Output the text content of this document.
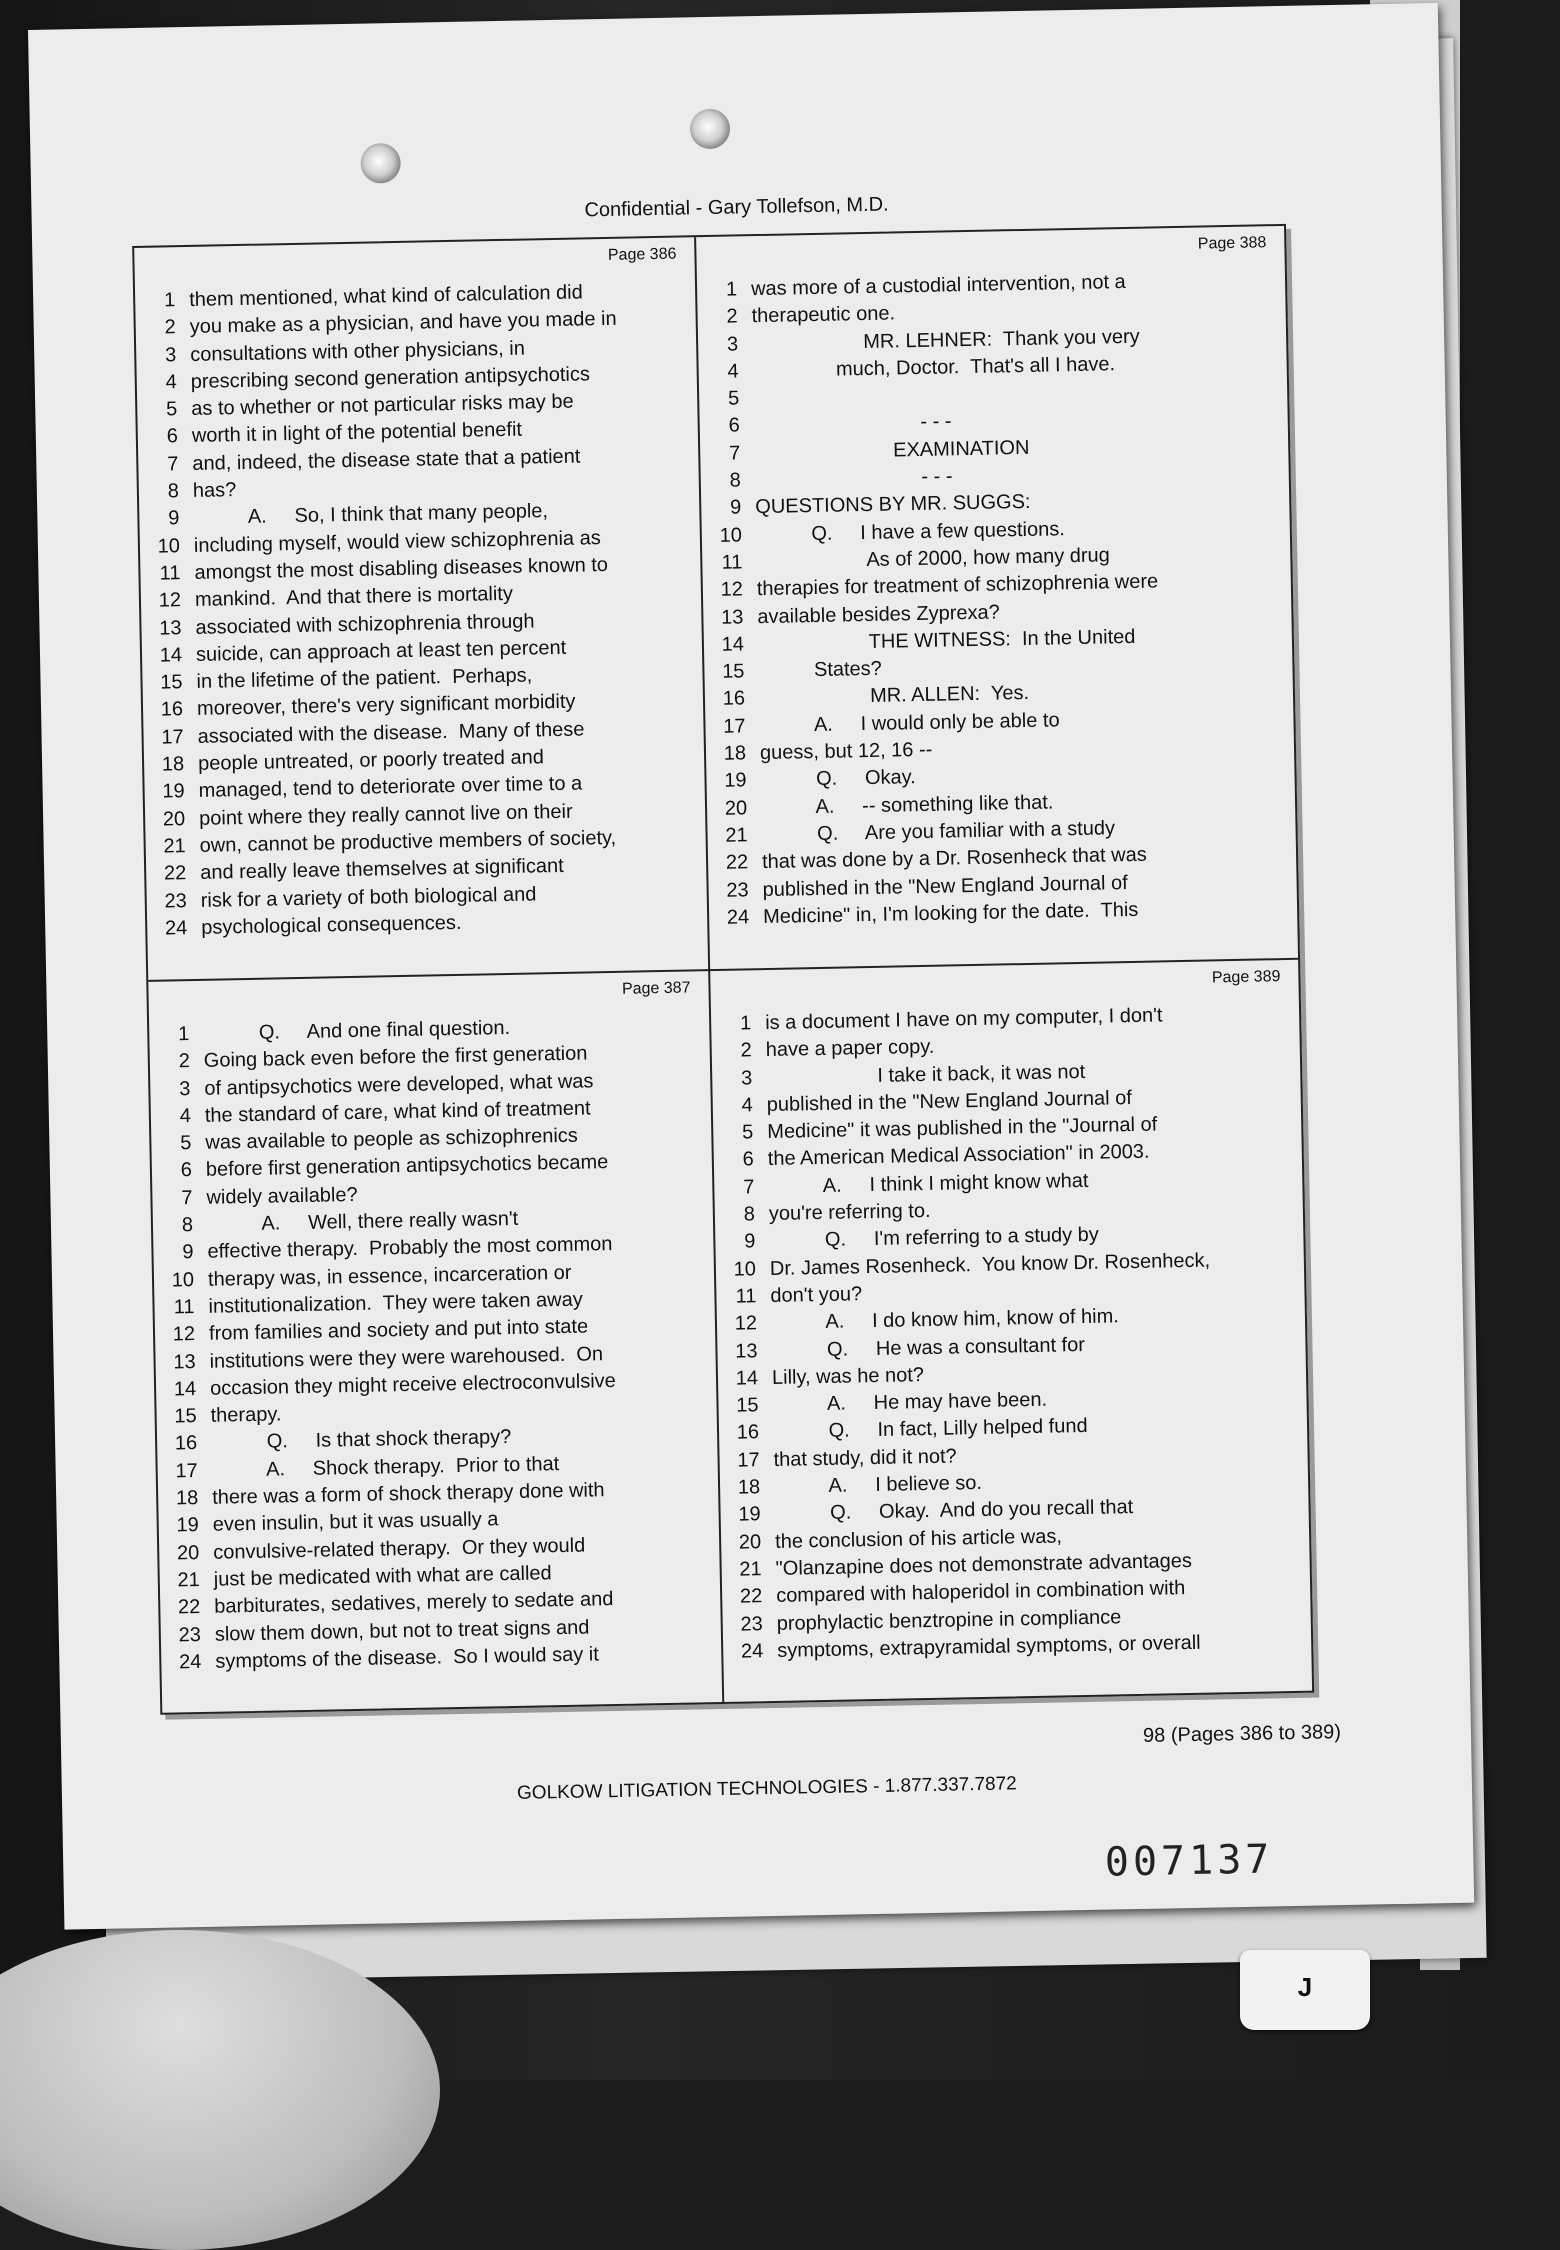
Confidential - Gary Tollefson, M.D.
Page 386
1 them mentioned, what kind of calculation did
2 you make as a physician, and have you made in
3 consultations with other physicians, in
4 prescribing second generation antipsychotics
5 as to whether or not particular risks may be
6 worth it in light of the potential benefit
7 and, indeed, the disease state that a patient
8 has?
9          A.     So, I think that many people,
10 including myself, would view schizophrenia as
11 amongst the most disabling diseases known to
12 mankind.  And that there is mortality
13 associated with schizophrenia through
14 suicide, can approach at least ten percent
15 in the lifetime of the patient.  Perhaps,
16 moreover, there's very significant morbidity
17 associated with the disease.  Many of these
18 people untreated, or poorly treated and
19 managed, tend to deteriorate over time to a
20 point where they really cannot live on their
21 own, cannot be productive members of society,
22 and really leave themselves at significant
23 risk for a variety of both biological and
24 psychological consequences.
Page 388
1 was more of a custodial intervention, not a
2 therapeutic one.
3                    MR. LEHNER:  Thank you very
4               much, Doctor.  That's all I have.
5
6                              - - -
7                         EXAMINATION
8                              - - -
9 QUESTIONS BY MR. SUGGS:
10          Q.     I have a few questions.
11                    As of 2000, how many drug
12 therapies for treatment of schizophrenia were
13 available besides Zyprexa?
14                    THE WITNESS:  In the United
15          States?
16                    MR. ALLEN:  Yes.
17          A.     I would only be able to
18 guess, but 12, 16 --
19          Q.     Okay.
20          A.     -- something like that.
21          Q.     Are you familiar with a study
22 that was done by a Dr. Rosenheck that was
23 published in the "New England Journal of
24 Medicine" in, I'm looking for the date.  This
Page 387
1          Q.     And one final question.
2 Going back even before the first generation
3 of antipsychotics were developed, what was
4 the standard of care, what kind of treatment
5 was available to people as schizophrenics
6 before first generation antipsychotics became
7 widely available?
8          A.     Well, there really wasn't
9 effective therapy.  Probably the most common
10 therapy was, in essence, incarceration or
11 institutionalization.  They were taken away
12 from families and society and put into state
13 institutions were they were warehoused.  On
14 occasion they might receive electroconvulsive
15 therapy.
16          Q.     Is that shock therapy?
17          A.     Shock therapy.  Prior to that
18 there was a form of shock therapy done with
19 even insulin, but it was usually a
20 convulsive-related therapy.  Or they would
21 just be medicated with what are called
22 barbiturates, sedatives, merely to sedate and
23 slow them down, but not to treat signs and
24 symptoms of the disease.  So I would say it
Page 389
1 is a document I have on my computer, I don't
2 have a paper copy.
3                    I take it back, it was not
4 published in the "New England Journal of
5 Medicine" it was published in the "Journal of
6 the American Medical Association" in 2003.
7          A.     I think I might know what
8 you're referring to.
9          Q.     I'm referring to a study by
10 Dr. James Rosenheck.  You know Dr. Rosenheck,
11 don't you?
12          A.     I do know him, know of him.
13          Q.     He was a consultant for
14 Lilly, was he not?
15          A.     He may have been.
16          Q.     In fact, Lilly helped fund
17 that study, did it not?
18          A.     I believe so.
19          Q.     Okay.  And do you recall that
20 the conclusion of his article was,
21 "Olanzapine does not demonstrate advantages
22 compared with haloperidol in combination with
23 prophylactic benztropine in compliance
24 symptoms, extrapyramidal symptoms, or overall
98 (Pages 386 to 389)
GOLKOW LITIGATION TECHNOLOGIES - 1.877.337.7872
007137
J
